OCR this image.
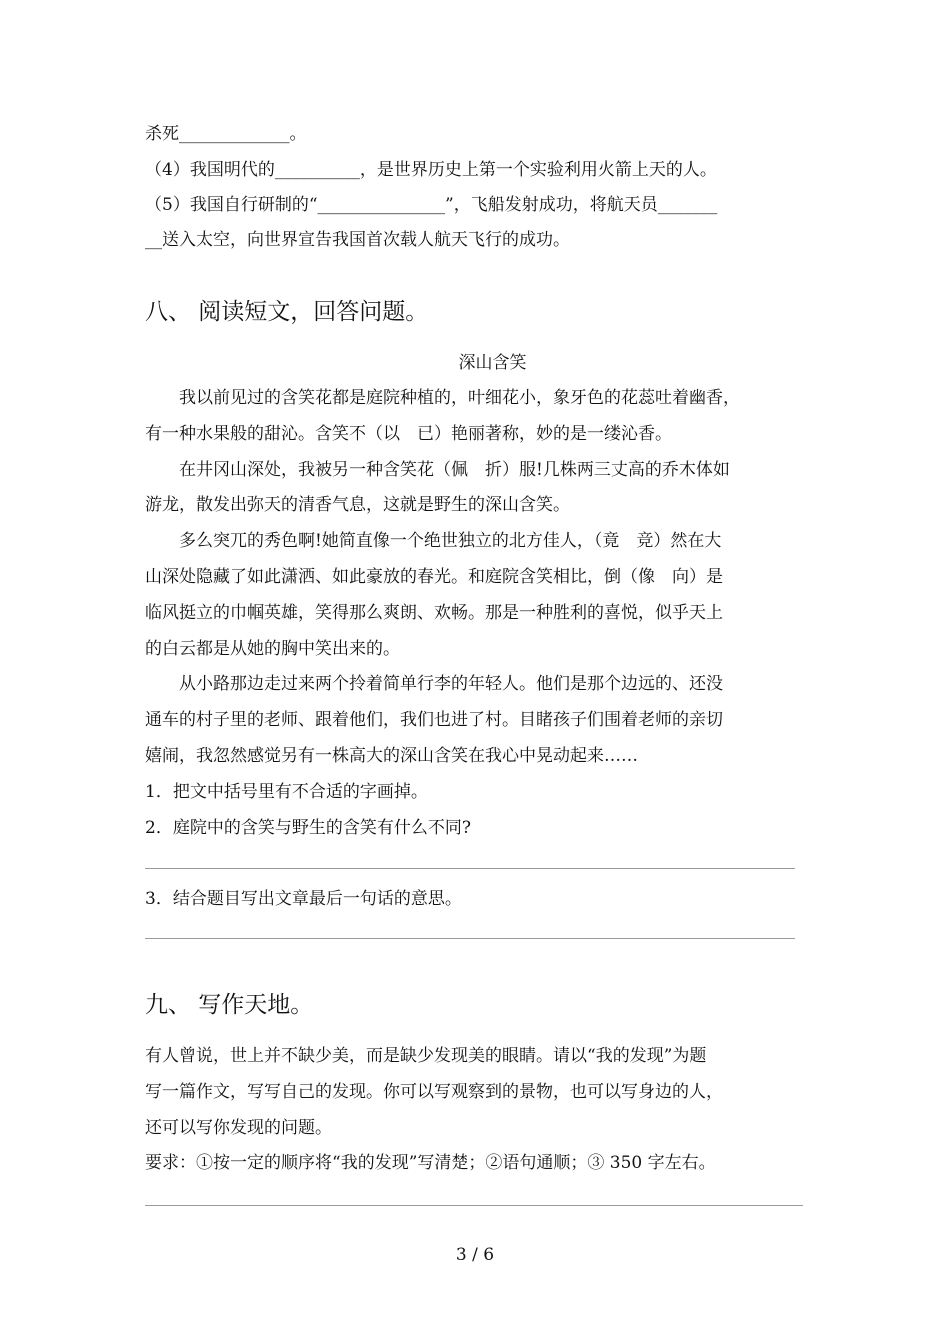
杀死_____________。
（4）我国明代的__________，是世界历史上第一个实验利用火箭上天的人。
（5）我国自行研制的“_______________”，飞船发射成功，将航天员_______
__送入太空，向世界宣告我国首次载人航天飞行的成功。
八、 阅读短文，回答问题。
深山含笑
我以前见过的含笑花都是庭院种植的，叶细花小，象牙色的花蕊吐着幽香，
有一种水果般的甜沁。含笑不（以　已）艳丽著称，妙的是一缕沁香。
在井冈山深处，我被另一种含笑花（佩　折）服!几株两三丈高的乔木体如
游龙，散发出弥天的清香气息，这就是野生的深山含笑。
多么突兀的秀色啊!她简直像一个绝世独立的北方佳人，（竟　竞）然在大
山深处隐藏了如此潇洒、如此豪放的春光。和庭院含笑相比，倒（像　向）是
临风挺立的巾帼英雄，笑得那么爽朗、欢畅。那是一种胜利的喜悦，似乎天上
的白云都是从她的胸中笑出来的。
从小路那边走过来两个拎着简单行李的年轻人。他们是那个边远的、还没
通车的村子里的老师、跟着他们，我们也进了村。目睹孩子们围着老师的亲切
嬉闹，我忽然感觉另有一株高大的深山含笑在我心中晃动起来……
1．把文中括号里有不合适的字画掉。
2．庭院中的含笑与野生的含笑有什么不同?
3．结合题目写出文章最后一句话的意思。
九、 写作天地。
有人曾说，世上并不缺少美，而是缺少发现美的眼睛。请以“我的发现”为题
写一篇作文，写写自己的发现。你可以写观察到的景物，也可以写身边的人，
还可以写你发现的问题。
要求：①按一定的顺序将“我的发现”写清楚；②语句通顺；③ 350 字左右。
3 / 6
